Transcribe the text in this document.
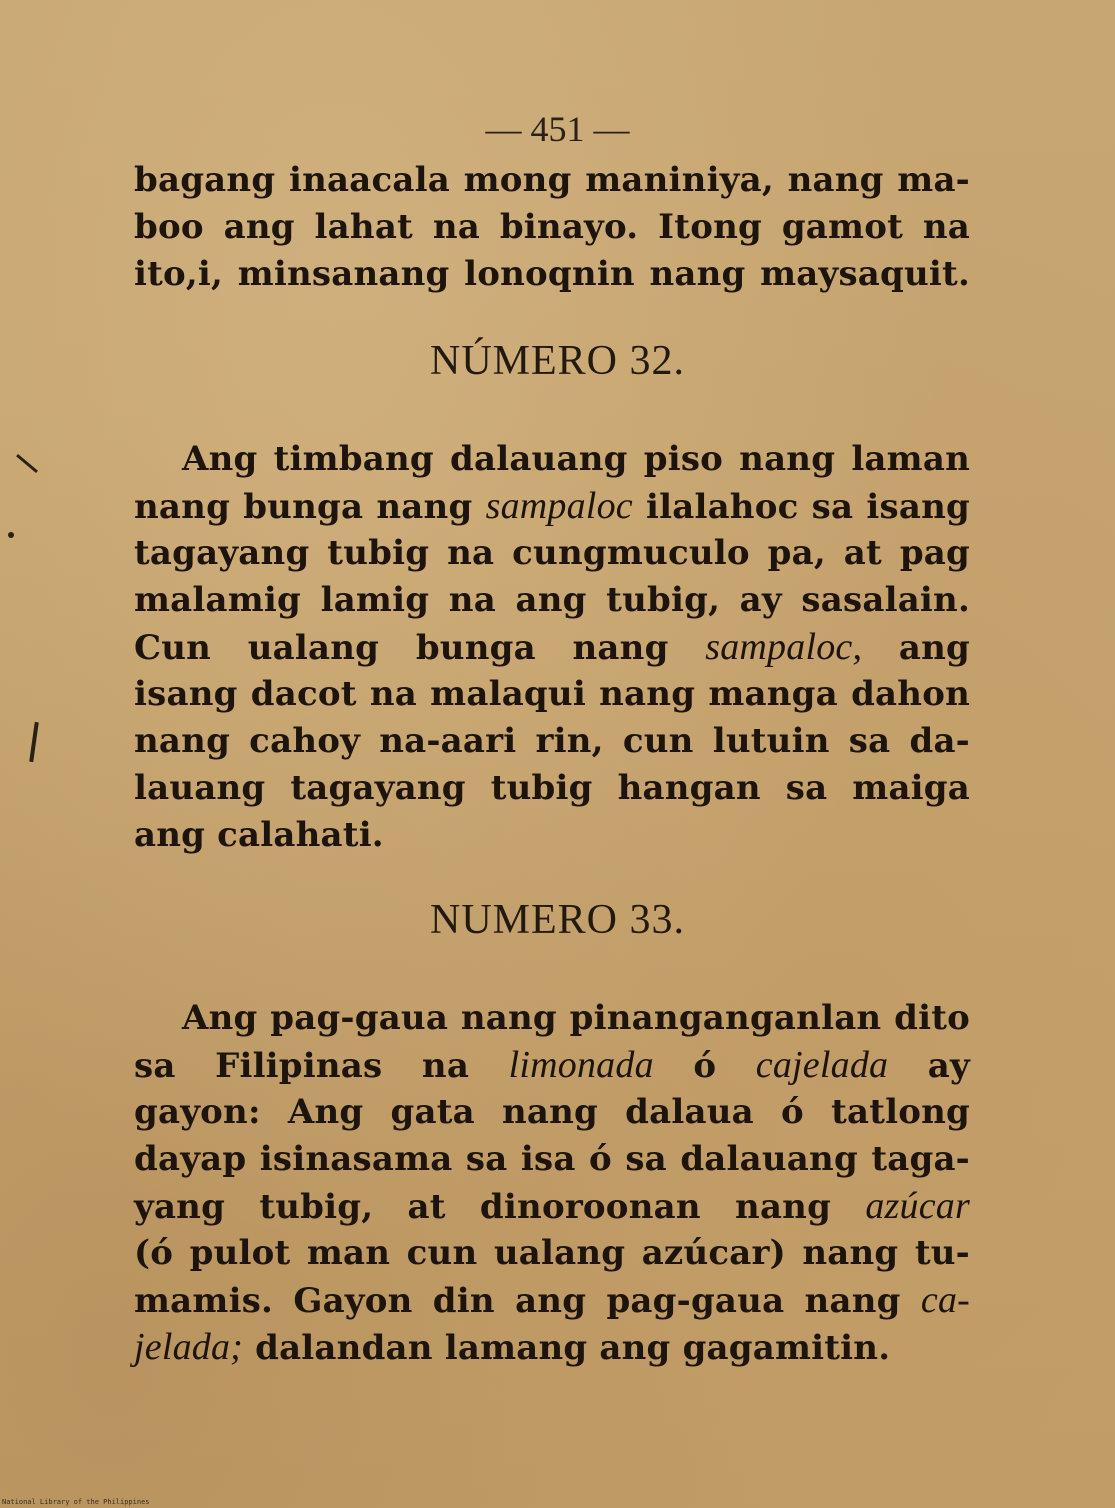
— 451 —
bagang inaacala mong maniniya, nang ma-
boo ang lahat na binayo. Itong gamot na
ito,i, minsanang lonoqnin nang maysaquit.
NÚMERO 32.
Ang timbang dalauang piso nang laman
nang bunga nang sampaloc ilalahoc sa isang
tagayang tubig na cungmuculo pa, at pag
malamig lamig na ang tubig, ay sasalain.
Cun ualang bunga nang sampaloc, ang
isang dacot na malaqui nang manga dahon
nang cahoy na-aari rin, cun lutuin sa da-
lauang tagayang tubig hangan sa maiga
ang calahati.
NUMERO 33.
Ang pag-gaua nang pinanganganlan dito
sa Filipinas na limonada ó cajelada ay
gayon: Ang gata nang dalaua ó tatlong
dayap isinasama sa isa ó sa dalauang taga-
yang tubig, at dinoroonan nang azúcar
(ó pulot man cun ualang azúcar) nang tu-
mamis. Gayon din ang pag-gaua nang ca-
jelada; dalandan lamang ang gagamitin.
National Library of the Philippines
